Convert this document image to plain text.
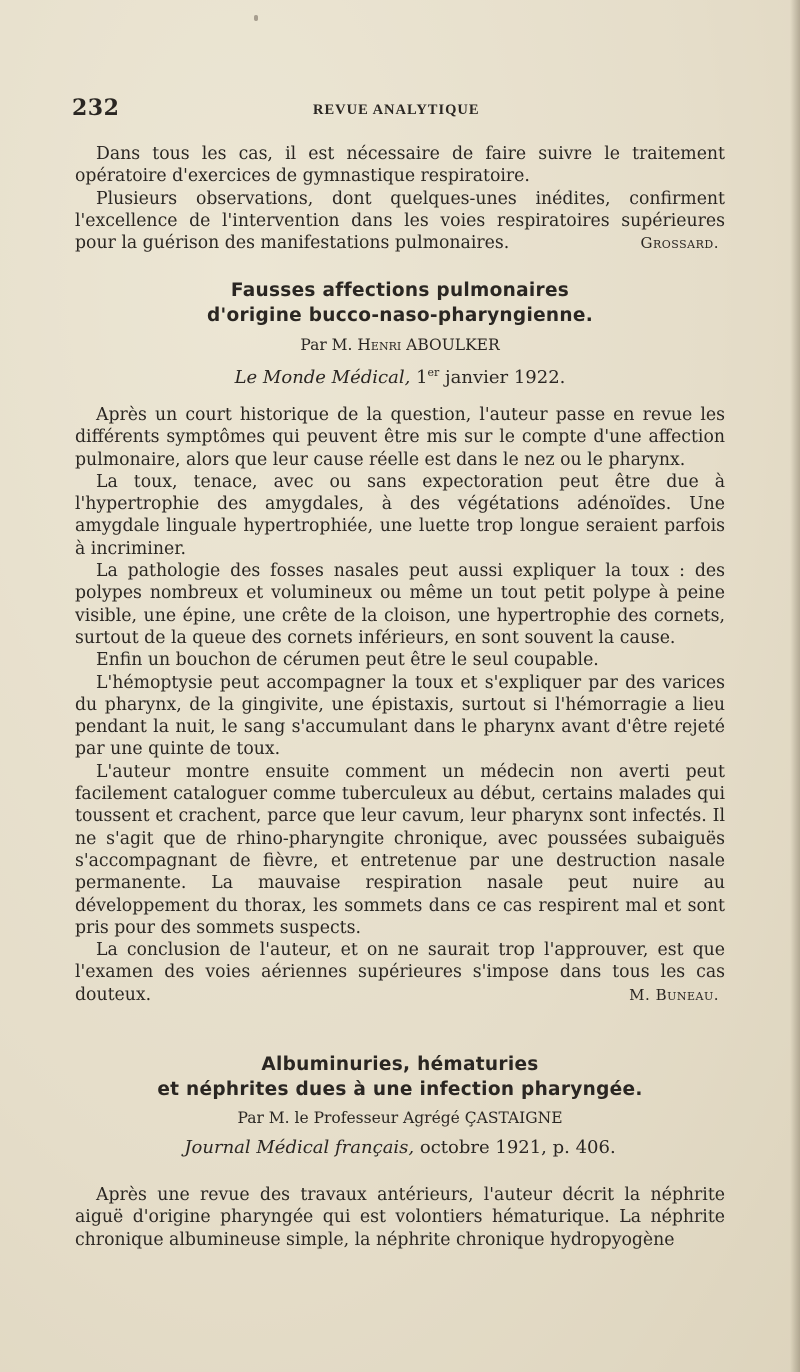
232	REVUE ANALYTIQUE

Dans tous les cas, il est nécessaire de faire suivre le traitement opératoire d'exercices de gymnastique respiratoire.

Plusieurs observations, dont quelques-unes inédites, confirment l'excellence de l'intervention dans les voies respiratoires supérieures pour la guérison des manifestations pulmonaires.	Grossard.

Fausses affections pulmonaires
d'origine bucco-naso-pharyngienne.
Par M. Henri ABOULKER
Le Monde Médical, 1er janvier 1922.

Après un court historique de la question, l'auteur passe en revue les différents symptômes qui peuvent être mis sur le compte d'une affection pulmonaire, alors que leur cause réelle est dans le nez ou le pharynx.

La toux, tenace, avec ou sans expectoration peut être due à l'hypertrophie des amygdales, à des végétations adénoïdes. Une amygdale linguale hypertrophiée, une luette trop longue seraient parfois à incriminer.

La pathologie des fosses nasales peut aussi expliquer la toux : des polypes nombreux et volumineux ou même un tout petit polype à peine visible, une épine, une crête de la cloison, une hypertrophie des cornets, surtout de la queue des cornets inférieurs, en sont souvent la cause.

Enfin un bouchon de cérumen peut être le seul coupable.

L'hémoptysie peut accompagner la toux et s'expliquer par des varices du pharynx, de la gingivite, une épistaxis, surtout si l'hémorragie a lieu pendant la nuit, le sang s'accumulant dans le pharynx avant d'être rejeté par une quinte de toux.

L'auteur montre ensuite comment un médecin non averti peut facilement cataloguer comme tuberculeux au début, certains malades qui toussent et crachent, parce que leur cavum, leur pharynx sont infectés. Il ne s'agit que de rhino-pharyngite chronique, avec poussées subaiguës s'accompagnant de fièvre, et entretenue par une destruction nasale permanente. La mauvaise respiration nasale peut nuire au développement du thorax, les sommets dans ce cas respirent mal et sont pris pour des sommets suspects.

La conclusion de l'auteur, et on ne saurait trop l'approuver, est que l'examen des voies aériennes supérieures s'impose dans tous les cas douteux.	M. Buneau.

Albuminuries, hématuries
et néphrites dues à une infection pharyngée.
Par M. le Professeur Agrégé ÇASTAIGNE
Journal Médical français, octobre 1921, p. 406.

Après une revue des travaux antérieurs, l'auteur décrit la néphrite aiguë d'origine pharyngée qui est volontiers hématurique. La néphrite chronique albumineuse simple, la néphrite chronique hydropyogène
